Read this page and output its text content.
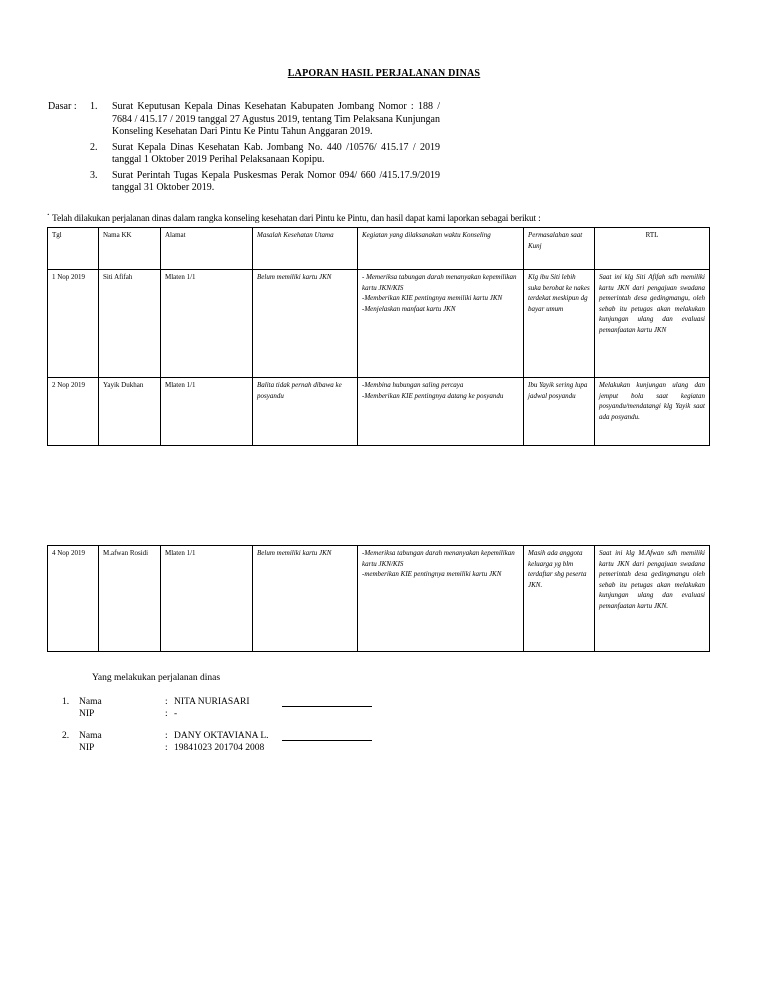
LAPORAN HASIL PERJALANAN DINAS
Dasar : 1.	Surat Keputusan Kepala Dinas Kesehatan Kabupaten Jombang Nomor : 188 / 7684 / 415.17 / 2019 tanggal 27 Agustus 2019, tentang Tim Pelaksana Kunjungan Konseling Kesehatan Dari Pintu Ke Pintu Tahun Anggaran 2019.
2.	Surat Kepala Dinas Kesehatan Kab. Jombang No. 440 /10576/ 415.17 / 2019 tanggal 1 Oktober 2019 Perihal Pelaksanaan Kopipu.
3.	Surat Perintah Tugas Kepala Puskesmas Perak Nomor 094/ 660 /415.17.9/2019 tanggal 31 Oktober 2019.
.
Telah dilakukan perjalanan dinas dalam rangka konseling kesehatan dari Pintu ke Pintu, dan hasil dapat kami laporkan sebagai berikut :
Tgl	Nama KK	Alamat	Masalah Kesehatan Utama	Kegiatan yang dilaksanakan waktu Konseling	Permasalahan saat Kunj	RTL
1 Nop 2019	Siti Afifah	Mlaten 1/1	Belum memiliki kartu JKN	- Memeriksa tabungan darah menanyakan kepemilikan kartu JKN/KIS
-Memberikan KIE pentingnya memiliki kartu JKN
-Menjelaskan manfaat kartu JKN	Klg ibu Siti lebih suka berobat ke nakes terdekat meskipun dg bayar umum	Saat ini klg Siti Afifah sdh memiliki kartu JKN dari pengajuan swadana pemerintah desa gedingmangu, oleh sebab itu petugas akan melakukan kunjungan ulang dan evaluasi pemanfaatan kartu JKN
2 Nop 2019	Yayik Dukhan	Mlaten 1/1	Balita tidak pernah dibawa ke posyandu	-Membina hubungan saling percaya
-Memberikan KIE pentingnya datang ke posyandu	Ibu Yayik sering lupa jadwal posyandu	Melakukan kunjungan ulang dan jemput bola saat kegiatan posyandu/mendatangi klg Yayik saat ada posyandu.
4 Nop 2019	M.afwan Rosidi	Mlaten 1/1	Belum memiliki kartu JKN	-Memeriksa tabungan darah menanyakan kepemilikan kartu JKN/KIS
-memberikan KIE pentingnya memiliki kartu JKN	Masih ada anggota keluarga yg blm terdaftar sbg peserta JKN.	Saat ini klg M.Afwan sdh memiliki kartu JKN dari pengajuan swadana pemerintah desa gedingmangu oleh sebab itu petugas akan melakukan kunjungan ulang dan evaluasi pemanfaatan kartu JKN.
Yang melakukan perjalanan dinas
1. Nama	: NITA NURIASARI
NIP	: -
2. Nama	: DANY OKTAVIANA L.
NIP	: 19841023 201704 2008
